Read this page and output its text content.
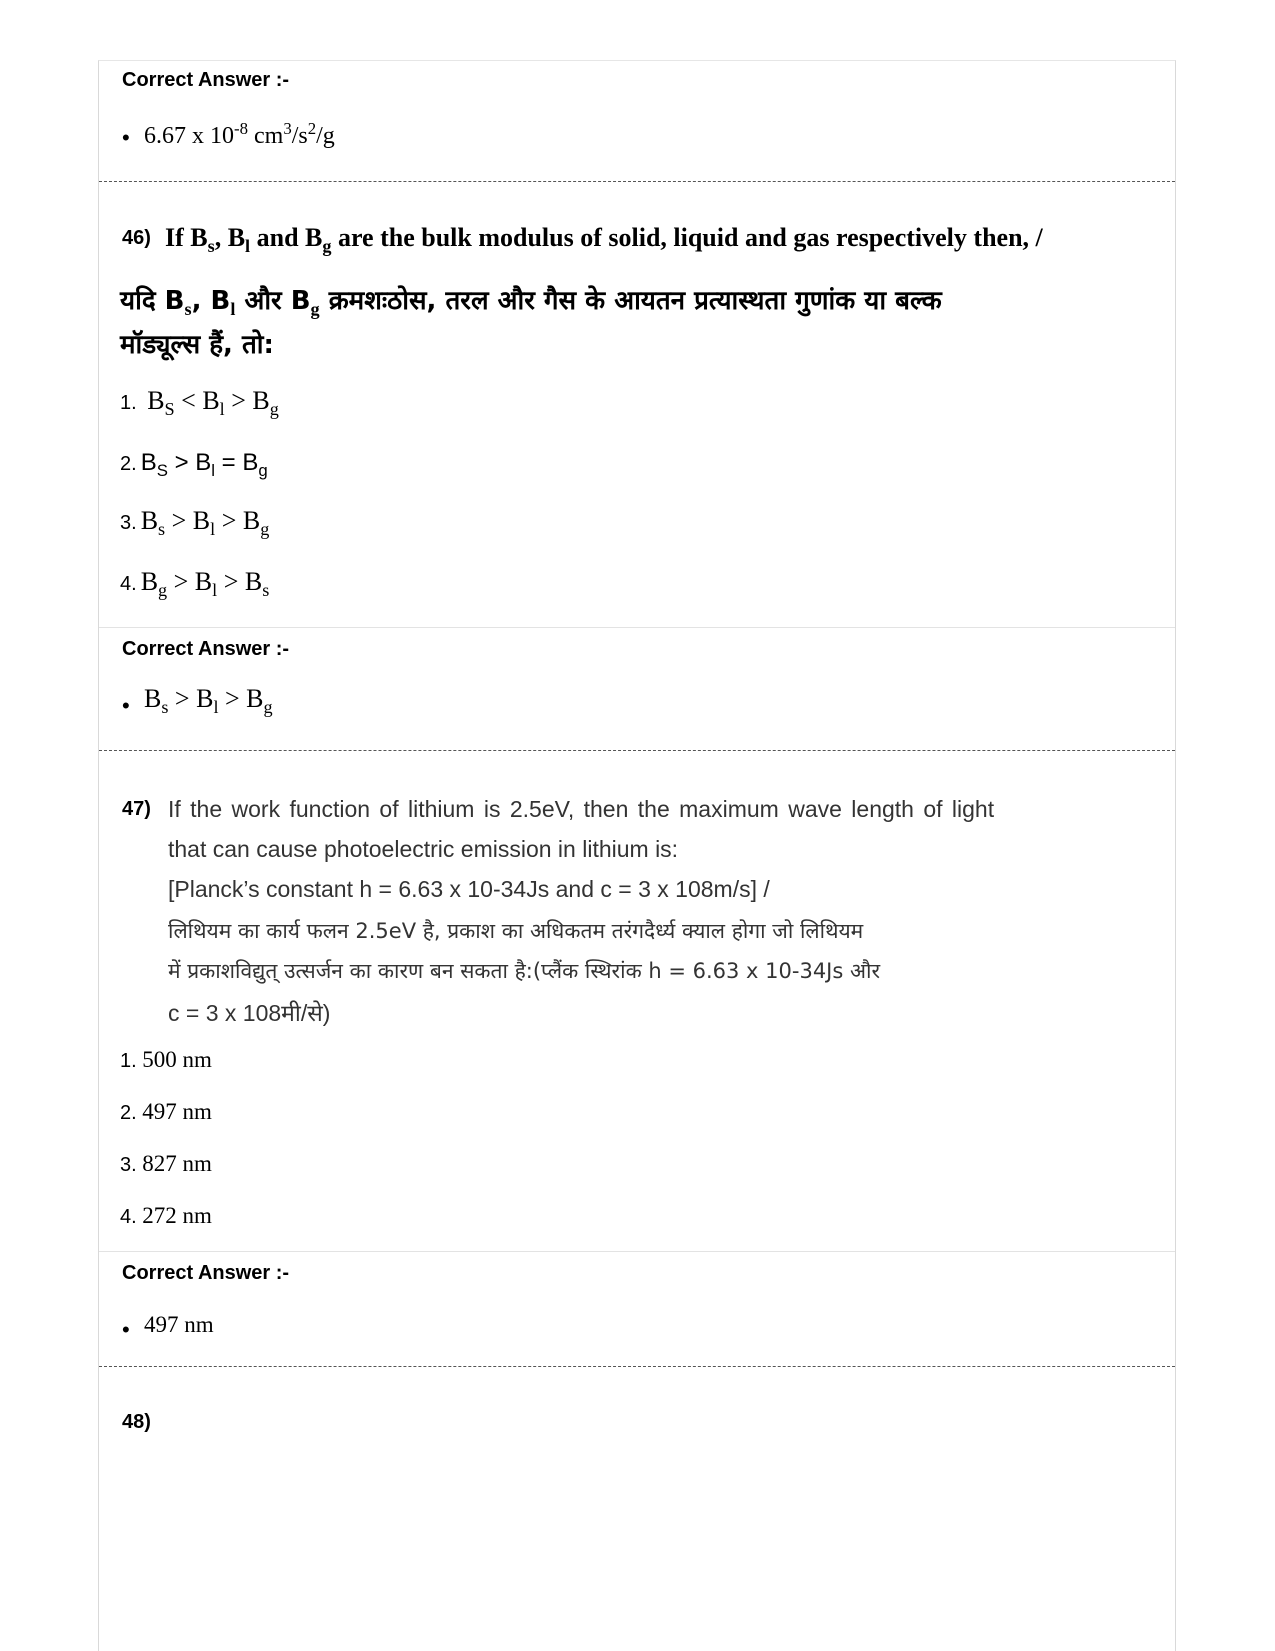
Correct Answer :-
• 6.67 x $10^{-8}$ $cm^3/s^2/g$
46) If $B_s$, $B_l$ and $B_g$ are the bulk modulus of solid, liquid and gas respectively then, /
यदि $B_s$, $B_l$ और $B_g$ क्रमशःठोस, तरल और गैस के आयतन प्रत्यास्थता गुणांक या बल्क
मॉड्यूल्स हैं, तो:
1. $B_S < B_l > B_g$
2. $B_S > B_l = B_g$
3. $B_s > B_l > B_g$
4. $B_g > B_l > B_s$
Correct Answer :-
• $B_s > B_l > B_g$
47) If the work function of lithium is 2.5eV, then the maximum wave length of light
that can cause photoelectric emission in lithium is:
[Planck’s constant h = 6.63 x 10-34Js and c = 3 x 108m/s] /
लिथियम का कार्य फलन 2.5eV है, प्रकाश का अधिकतम तरंगदैर्ध्य क्याल होगा जो लिथियम
में प्रकाशविद्युत् उत्सर्जन का कारण बन सकता है:(प्लैंक स्थिरांक h = 6.63 x 10-34Js और
c = 3 x 108मी/से)
1. 500 nm
2. 497 nm
3. 827 nm
4. 272 nm
Correct Answer :-
• 497 nm
48)
